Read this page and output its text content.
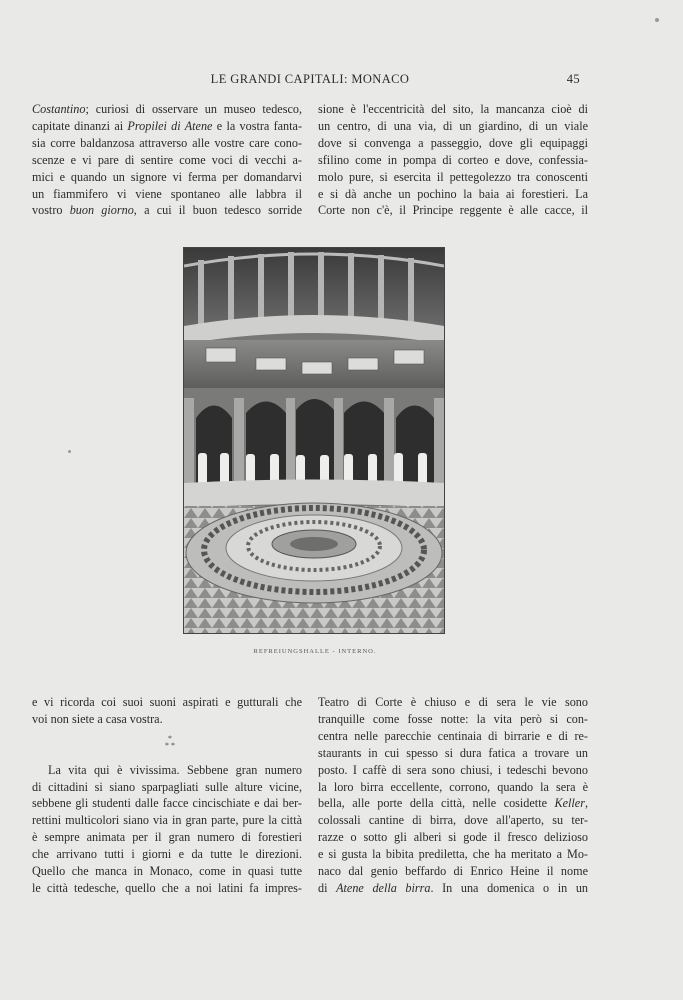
LE GRANDI CAPITALI: MONACO	45
Costantino; curiosi di osservare un museo tedesco,
capitate dinanzi ai Propilei di Atene e la vostra fanta-
sia corre baldanzosa attraverso alle vostre care cono-
scenze e vi pare di sentire come voci di vecchi a-
mici e quando un signore vi ferma per domandarvi
un fiammifero vi viene spontaneo alle labbra il
vostro buon giorno, a cui il buon tedesco sorride
sione è l'eccentricità del sito, la mancanza cioè di
un centro, di una via, di un giardino, di un viale
dove si convenga a passeggio, dove gli equipaggi
sfilino come in pompa di corteo e dove, confessia-
molo pure, si esercita il pettegolezzo tra conoscenti
e si dà anche un pochino la baia ai forestieri. La
Corte non c'è, il Principe reggente è alle cacce, il
REFREIUNGSHALLE - INTERNO.
e vi ricorda coi suoi suoni aspirati e gutturali che
voi non siete a casa vostra.

La vita qui è vivissima. Sebbene gran numero
di cittadini si siano sparpagliati sulle alture vicine,
sebbene gli studenti dalle facce cincischiate e dai ber-
rettini multicolori siano via in gran parte, pure la città
è sempre animata per il gran numero di forestieri
che arrivano tutti i giorni e da tutte le direzioni.
Quello che manca in Monaco, come in quasi tutte
le città tedesche, quello che a noi latini fa impres-
*
* *
Teatro di Corte è chiuso e di sera le vie sono
tranquille come fosse notte: la vita però si con-
centra nelle parecchie centinaia di birrarie e di re-
staurants in cui spesso si dura fatica a trovare un
posto. I caffè di sera sono chiusi, i tedeschi bevono
la loro birra eccellente, corrono, quando la sera è
bella, alle porte della città, nelle cosidette Keller,
colossali cantine di birra, dove all'aperto, su ter-
razze o sotto gli alberi si gode il fresco delizioso
e si gusta la bibita prediletta, che ha meritato a Mo-
naco dal genio beffardo di Enrico Heine il nome
di Atene della birra. In una domenica o in un
